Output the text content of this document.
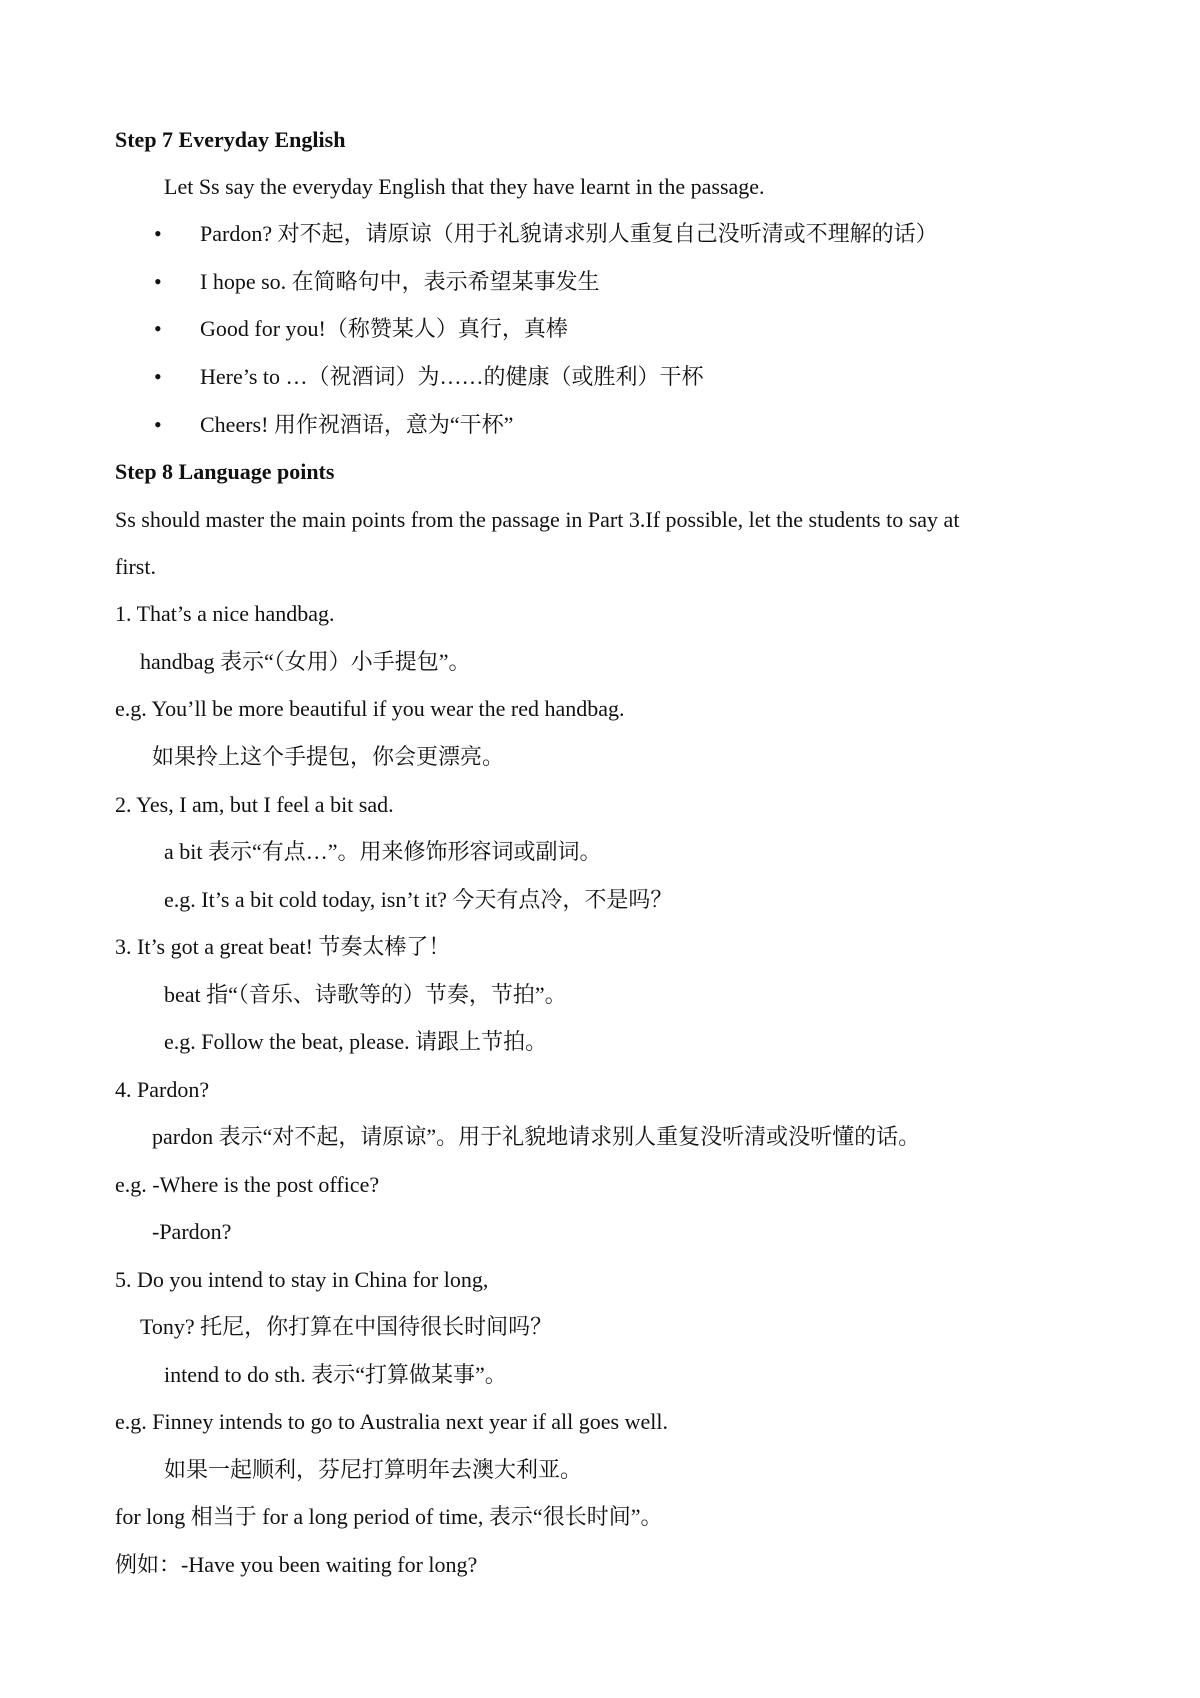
Step 7 Everyday English
Let Ss say the everyday English that they have learnt in the passage.
• Pardon? 对不起，请原谅（用于礼貌请求别人重复自己没听清或不理解的话）
• I hope so. 在简略句中，表示希望某事发生
• Good for you!（称赞某人）真行，真棒
• Here’s to …（祝酒词）为……的健康（或胜利）干杯
• Cheers! 用作祝酒语，意为“干杯”
Step 8 Language points
Ss should master the main points from the passage in Part 3.If possible, let the students to say at
first.
1. That’s a nice handbag.
handbag 表示“（女用）小手提包”。
e.g. You’ll be more beautiful if you wear the red handbag.
如果拎上这个手提包，你会更漂亮。
2. Yes, I am, but I feel a bit sad.
a bit 表示“有点…”。用来修饰形容词或副词。
e.g. It’s a bit cold today, isn’t it? 今天有点冷，不是吗？
3. It’s got a great beat! 节奏太棒了！
beat 指“（音乐、诗歌等的）节奏，节拍”。
e.g. Follow the beat, please. 请跟上节拍。
4. Pardon?
pardon 表示“对不起，请原谅”。用于礼貌地请求别人重复没听清或没听懂的话。
e.g. -Where is the post office?
-Pardon?
5. Do you intend to stay in China for long,
Tony? 托尼，你打算在中国待很长时间吗？
intend to do sth. 表示“打算做某事”。
e.g. Finney intends to go to Australia next year if all goes well.
如果一起顺利，芬尼打算明年去澳大利亚。
for long 相当于 for a long period of time, 表示“很长时间”。
例如：-Have you been waiting for long?
